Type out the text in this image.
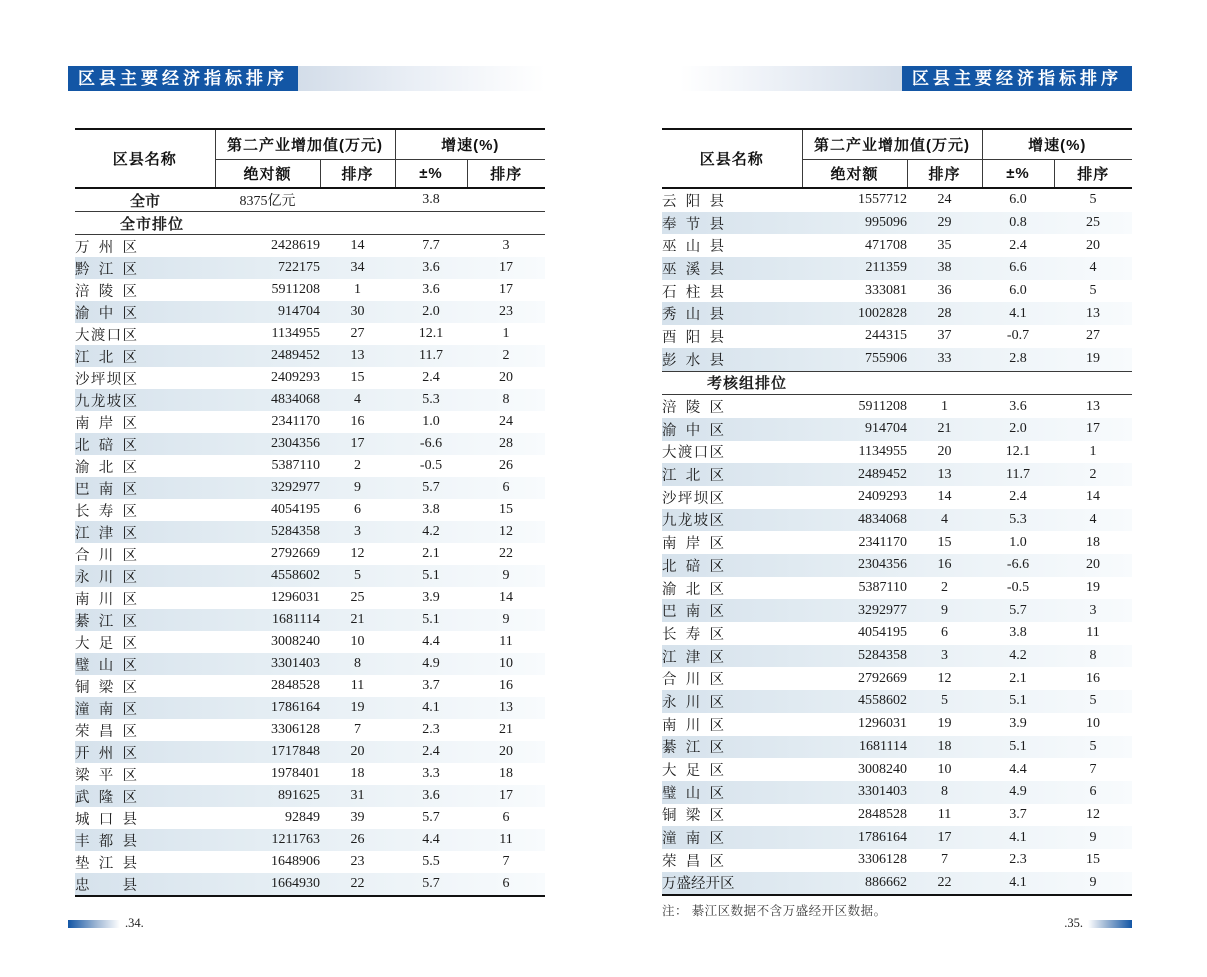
区县主要经济指标排序
区县名称	第二产业增加值(万元)		增速(%)	
	绝对额	排序	±%	排序
全市	8375亿元		3.8	
全市排位				
万州区	2428619	14	7.7	3
黔江区	722175	34	3.6	17
涪陵区	5911208	1	3.6	17
渝中区	914704	30	2.0	23
大渡口区	1134955	27	12.1	1
江北区	2489452	13	11.7	2
沙坪坝区	2409293	15	2.4	20
九龙坡区	4834068	4	5.3	8
南岸区	2341170	16	1.0	24
北碚区	2304356	17	-6.6	28
渝北区	5387110	2	-0.5	26
巴南区	3292977	9	5.7	6
长寿区	4054195	6	3.8	15
江津区	5284358	3	4.2	12
合川区	2792669	12	2.1	22
永川区	4558602	5	5.1	9
南川区	1296031	25	3.9	14
綦江区	1681114	21	5.1	9
大足区	3008240	10	4.4	11
璧山区	3301403	8	4.9	10
铜梁区	2848528	11	3.7	16
潼南区	1786164	19	4.1	13
荣昌区	3306128	7	2.3	21
开州区	1717848	20	2.4	20
梁平区	1978401	18	3.3	18
武隆区	891625	31	3.6	17
城口县	92849	39	5.7	6
丰都县	1211763	26	4.4	11
垫江县	1648906	23	5.5	7
忠县	1664930	22	5.7	6
.34.
区县主要经济指标排序
区县名称	第二产业增加值(万元)		增速(%)	
	绝对额	排序	±%	排序
云阳县	1557712	24	6.0	5
奉节县	995096	29	0.8	25
巫山县	471708	35	2.4	20
巫溪县	211359	38	6.6	4
石柱县	333081	36	6.0	5
秀山县	1002828	28	4.1	13
酉阳县	244315	37	-0.7	27
彭水县	755906	33	2.8	19
考核组排位				
涪陵区	5911208	1	3.6	13
渝中区	914704	21	2.0	17
大渡口区	1134955	20	12.1	1
江北区	2489452	13	11.7	2
沙坪坝区	2409293	14	2.4	14
九龙坡区	4834068	4	5.3	4
南岸区	2341170	15	1.0	18
北碚区	2304356	16	-6.6	20
渝北区	5387110	2	-0.5	19
巴南区	3292977	9	5.7	3
长寿区	4054195	6	3.8	11
江津区	5284358	3	4.2	8
合川区	2792669	12	2.1	16
永川区	4558602	5	5.1	5
南川区	1296031	19	3.9	10
綦江区	1681114	18	5.1	5
大足区	3008240	10	4.4	7
璧山区	3301403	8	4.9	6
铜梁区	2848528	11	3.7	12
潼南区	1786164	17	4.1	9
荣昌区	3306128	7	2.3	15
万盛经开区	886662	22	4.1	9
注： 綦江区数据不含万盛经开区数据。
.35.
